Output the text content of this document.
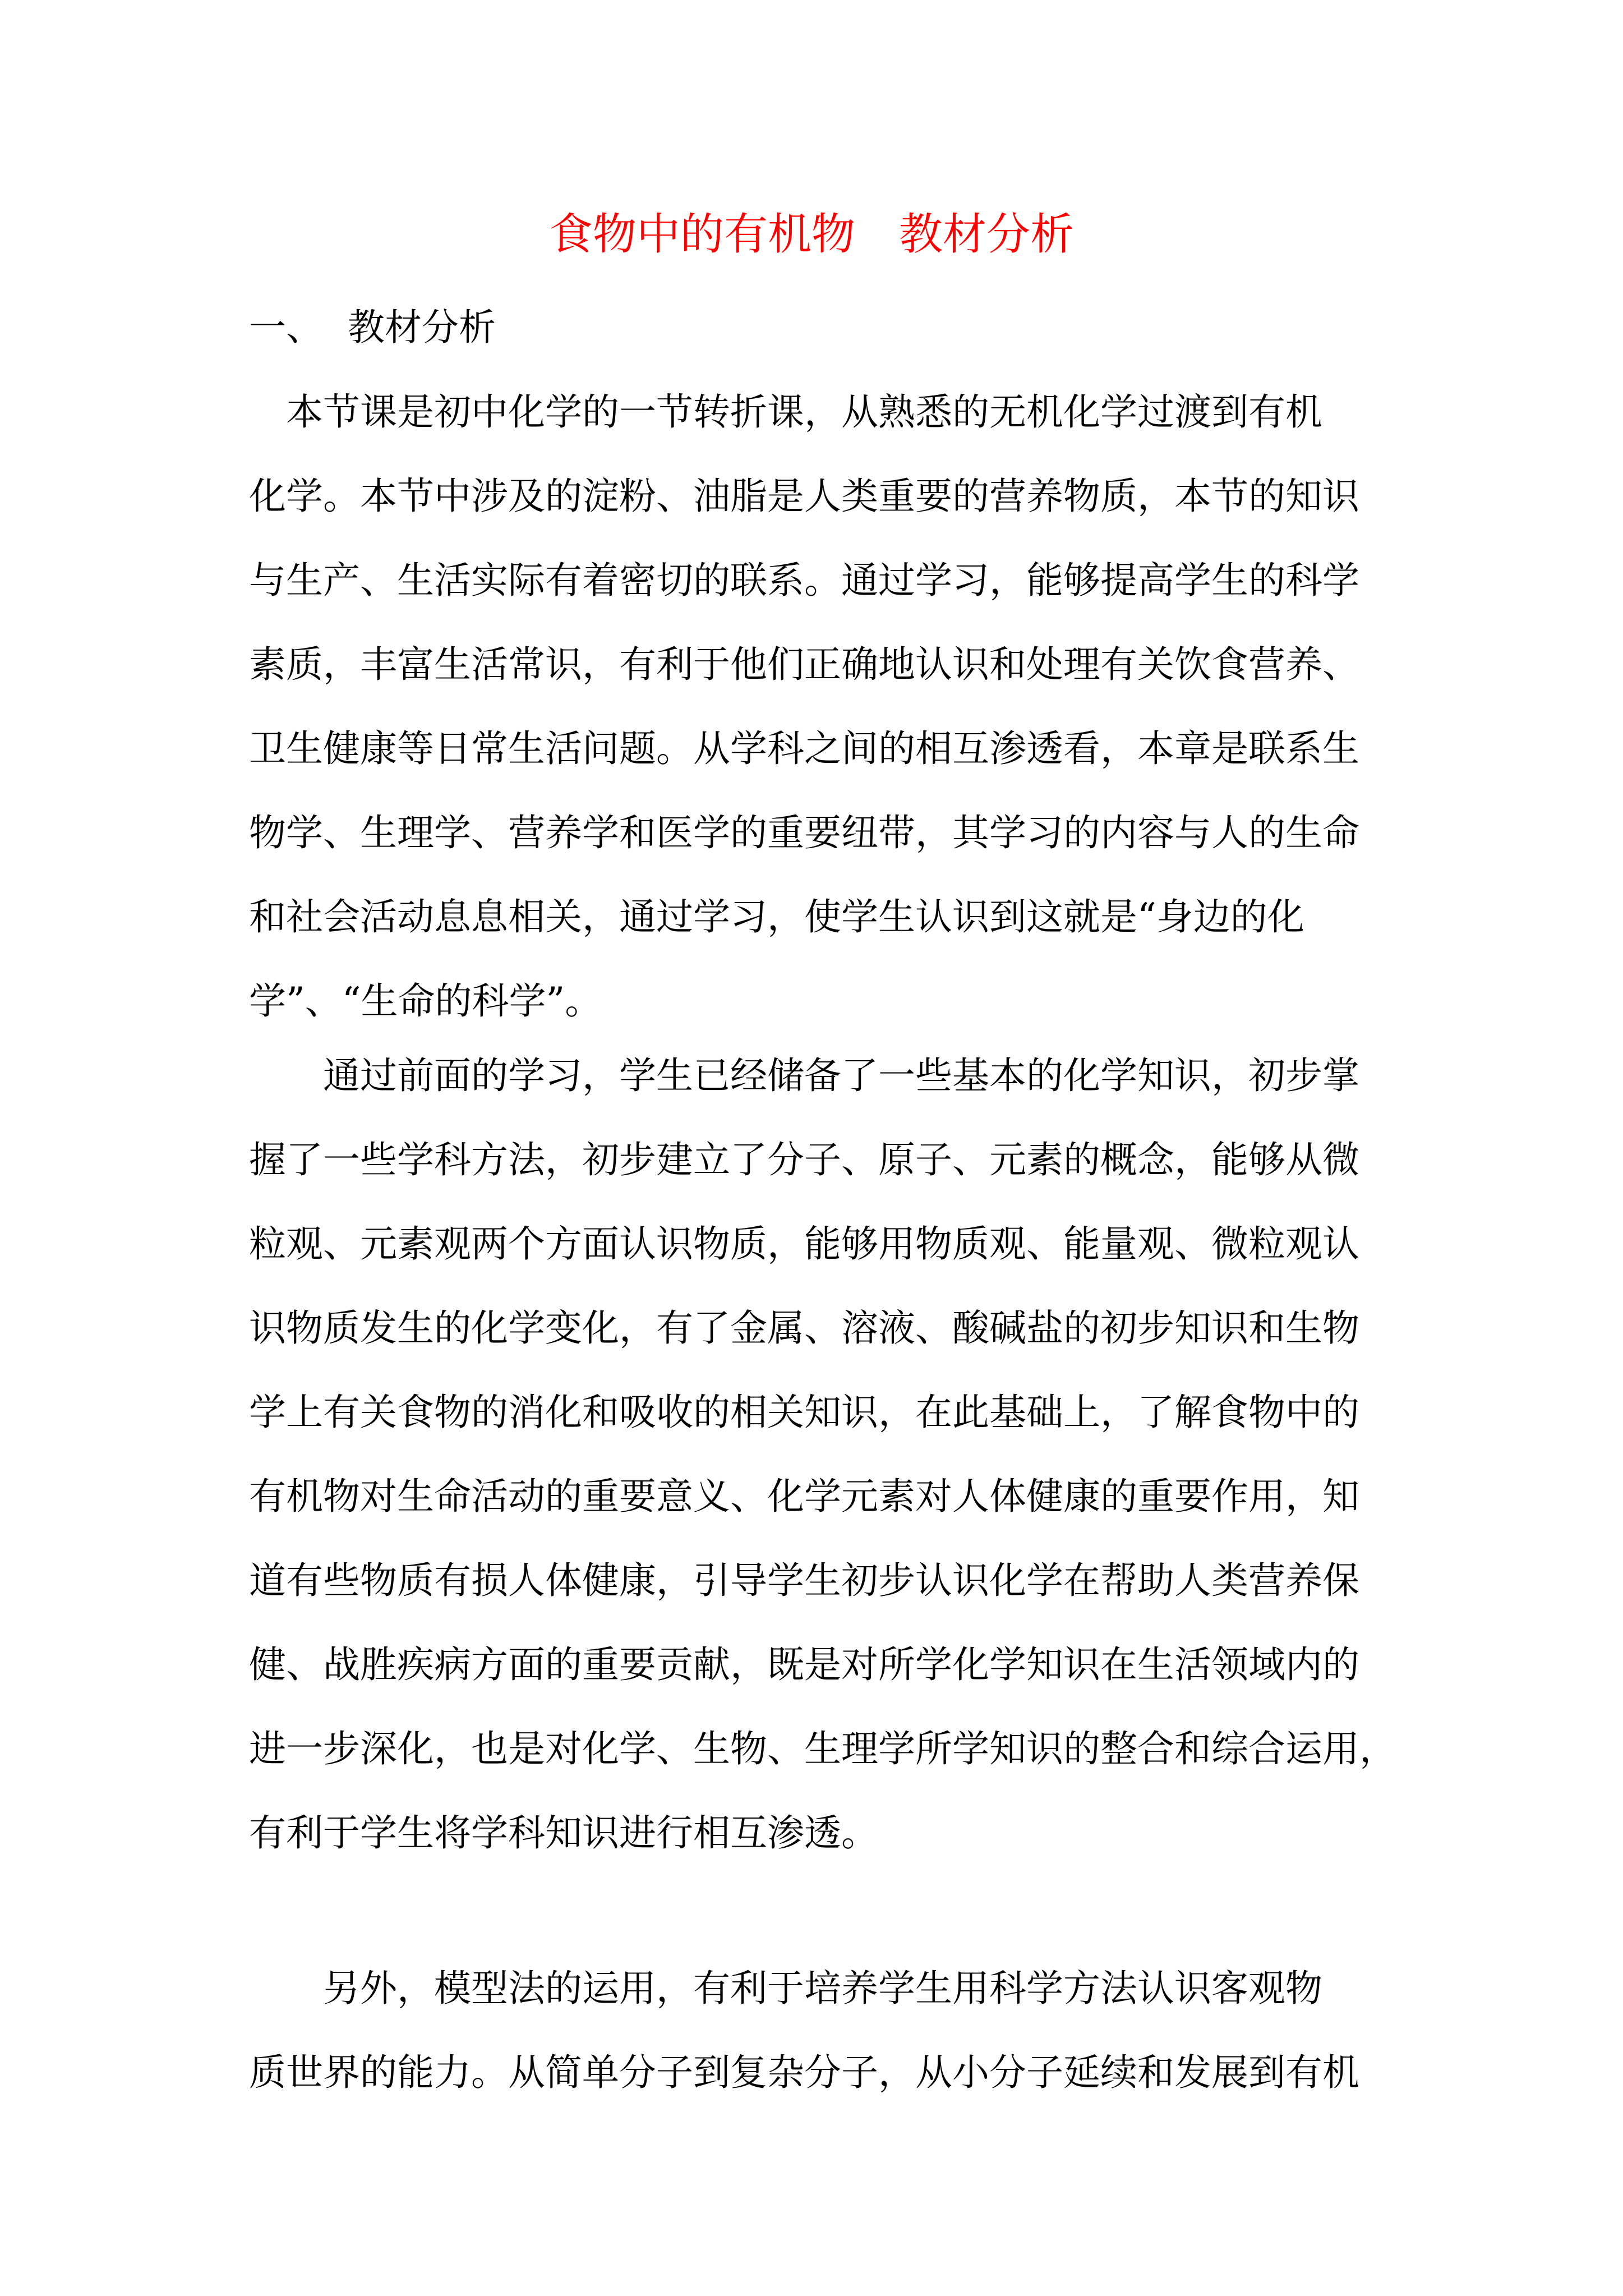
食物中的有机物　教材分析
一、 教材分析

　本节课是初中化学的一节转折课，从熟悉的无机化学过渡到有机
化学。本节中涉及的淀粉、油脂是人类重要的营养物质，本节的知识
与生产、生活实际有着密切的联系。通过学习，能够提高学生的科学
素质，丰富生活常识，有利于他们正确地认识和处理有关饮食营养、
卫生健康等日常生活问题。从学科之间的相互渗透看，本章是联系生
物学、生理学、营养学和医学的重要纽带，其学习的内容与人的生命
和社会活动息息相关，通过学习，使学生认识到这就是“身边的化
学”、“生命的科学”。

　　通过前面的学习，学生已经储备了一些基本的化学知识，初步掌
握了一些学科方法，初步建立了分子、原子、元素的概念，能够从微
粒观、元素观两个方面认识物质，能够用物质观、能量观、微粒观认
识物质发生的化学变化，有了金属、溶液、酸碱盐的初步知识和生物
学上有关食物的消化和吸收的相关知识，在此基础上，了解食物中的
有机物对生命活动的重要意义、化学元素对人体健康的重要作用，知
道有些物质有损人体健康，引导学生初步认识化学在帮助人类营养保
健、战胜疾病方面的重要贡献，既是对所学化学知识在生活领域内的
进一步深化，也是对化学、生物、生理学所学知识的整合和综合运用，
有利于学生将学科知识进行相互渗透。

　　另外，模型法的运用，有利于培养学生用科学方法认识客观物
质世界的能力。从简单分子到复杂分子，从小分子延续和发展到有机
